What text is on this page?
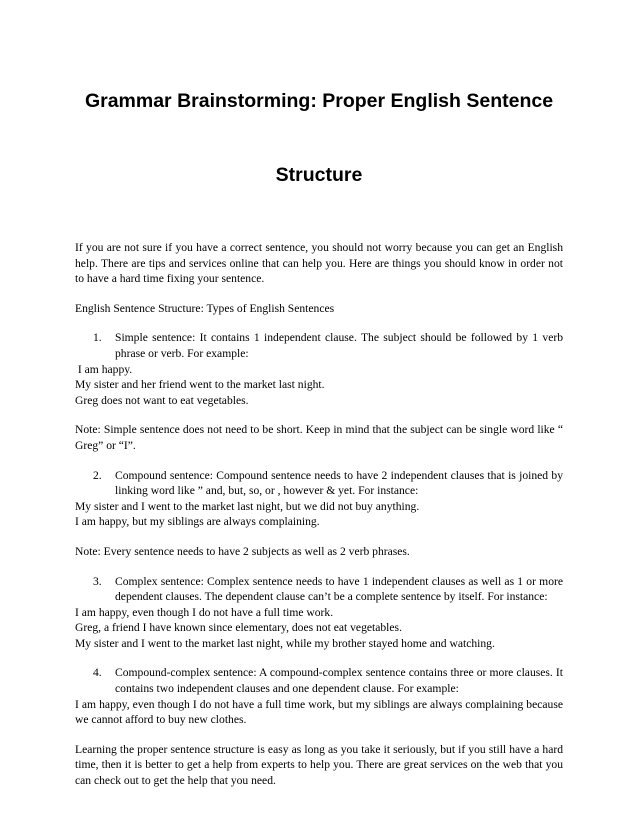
Grammar Brainstorming: Proper English Sentence
Structure

If you are not sure if you have a correct sentence, you should not worry because you can get an English help. There are tips and services online that can help you. Here are things you should know in order not to have a hard time fixing your sentence.

English Sentence Structure: Types of English Sentences

1.	Simple sentence: It contains 1 independent clause. The subject should be followed by 1 verb phrase or verb. For example:

I am happy.

My sister and her friend went to the market last night.

Greg does not want to eat vegetables.

Note: Simple sentence does not need to be short. Keep in mind that the subject can be single word like “ Greg” or “I”.

2.	Compound sentence: Compound sentence needs to have 2 independent clauses that is joined by linking word like ” and, but, so, or , however & yet. For instance:

My sister and I went to the market last night, but we did not buy anything.

I am happy, but my siblings are always complaining.

Note: Every sentence needs to have 2 subjects as well as 2 verb phrases.

3.	Complex sentence: Complex sentence needs to have 1 independent clauses as well as 1 or more dependent clauses. The dependent clause can’t be a complete sentence by itself. For instance:

I am happy, even though I do not have a full time work.

Greg, a friend I have known since elementary, does not eat vegetables.

My sister and I went to the market last night, while my brother stayed home and watching.

4.	Compound-complex sentence: A compound-complex sentence contains three or more clauses. It contains two independent clauses and one dependent clause. For example:

I am happy, even though I do not have a full time work, but my siblings are always complaining because we cannot afford to buy new clothes.

Learning the proper sentence structure is easy as long as you take it seriously, but if you still have a hard time, then it is better to get a help from experts to help you. There are great services on the web that you can check out to get the help that you need.
